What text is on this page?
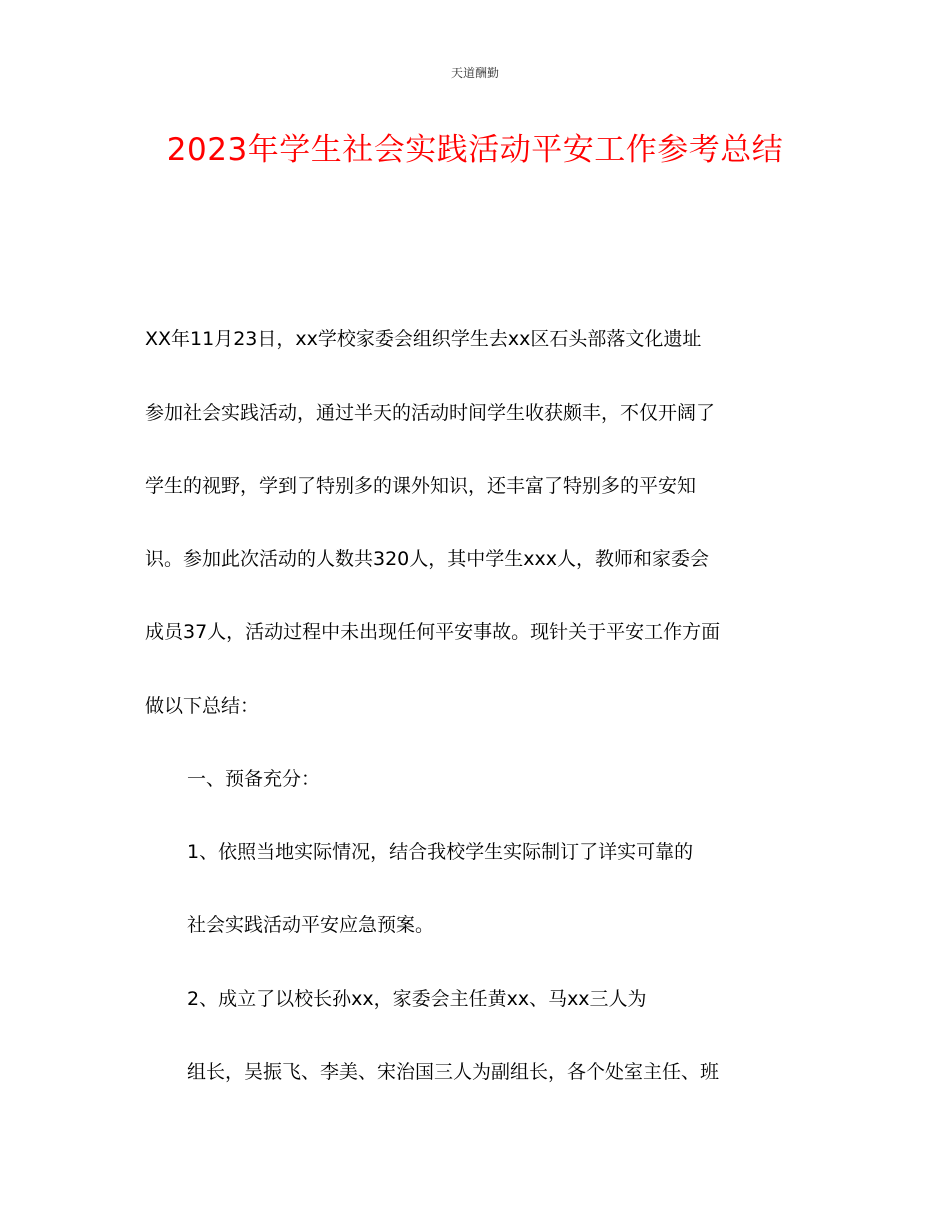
天道酬勤
2023年学生社会实践活动平安工作参考总结
XX年11月23日，xx学校家委会组织学生去xx区石头部落文化遗址
参加社会实践活动，通过半天的活动时间学生收获颇丰，不仅开阔了
学生的视野，学到了特别多的课外知识，还丰富了特别多的平安知
识。参加此次活动的人数共320人，其中学生xxx人，教师和家委会
成员37人，活动过程中未出现任何平安事故。现针关于平安工作方面
做以下总结：
一、预备充分：
1、依照当地实际情况，结合我校学生实际制订了详实可靠的
社会实践活动平安应急预案。
2、成立了以校长孙xx，家委会主任黄xx、马xx三人为
组长，吴振飞、李美、宋治国三人为副组长，各个处室主任、班
